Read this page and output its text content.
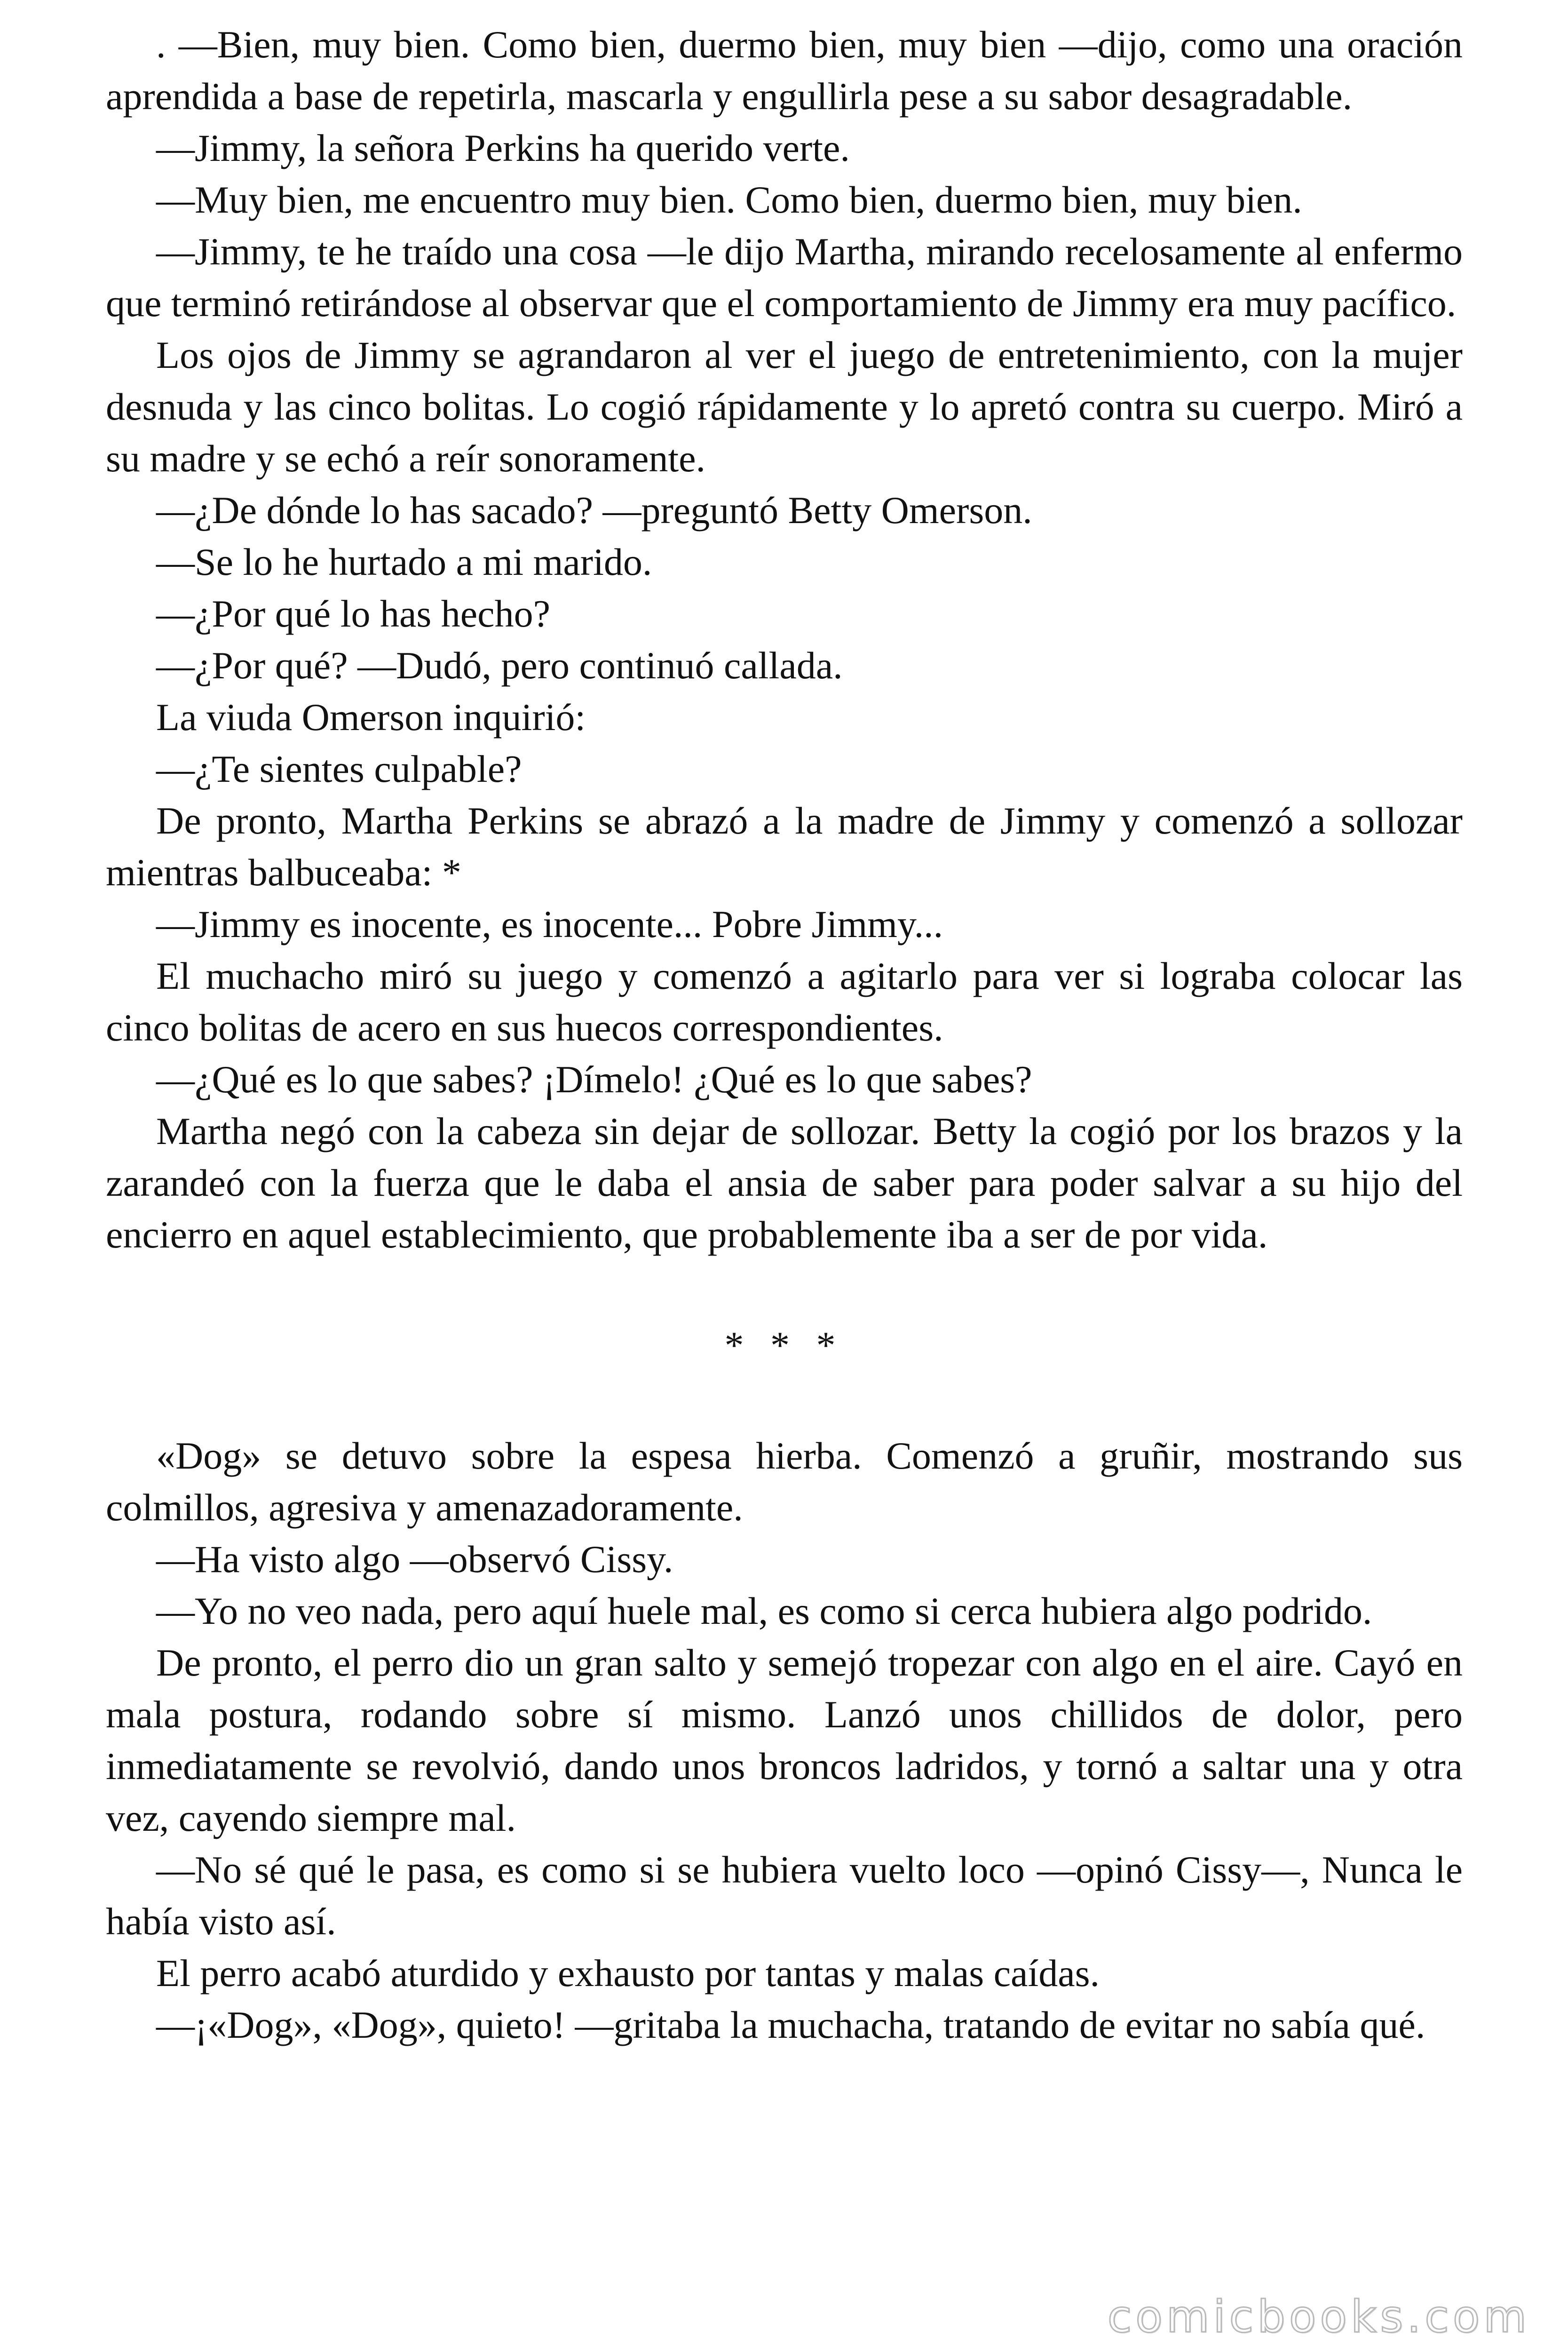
. —Bien, muy bien. Como bien, duermo bien, muy bien —dijo, como una oración aprendida a base de repetirla, mascarla y engullirla pese a su sabor desagradable.

—Jimmy, la señora Perkins ha querido verte.

—Muy bien, me encuentro muy bien. Como bien, duermo bien, muy bien.

—Jimmy, te he traído una cosa —le dijo Martha, mirando recelosamente al enfermo que terminó retirándose al observar que el comportamiento de Jimmy era muy pacífico.

Los ojos de Jimmy se agrandaron al ver el juego de entretenimiento, con la mujer desnuda y las cinco bolitas. Lo cogió rápidamente y lo apretó contra su cuerpo. Miró a su madre y se echó a reír sonoramente.

—¿De dónde lo has sacado? —preguntó Betty Omerson.

—Se lo he hurtado a mi marido.

—¿Por qué lo has hecho?

—¿Por qué? —Dudó, pero continuó callada.

La viuda Omerson inquirió:

—¿Te sientes culpable?

De pronto, Martha Perkins se abrazó a la madre de Jimmy y comenzó a sollozar mientras balbuceaba: *

—Jimmy es inocente, es inocente... Pobre Jimmy...

El muchacho miró su juego y comenzó a agitarlo para ver si lograba colocar las cinco bolitas de acero en sus huecos correspondientes.

—¿Qué es lo que sabes? ¡Dímelo! ¿Qué es lo que sabes?

Martha negó con la cabeza sin dejar de sollozar. Betty la cogió por los brazos y la zarandeó con la fuerza que le daba el ansia de saber para poder salvar a su hijo del encierro en aquel establecimiento, que probablemente iba a ser de por vida.

* * *

«Dog» se detuvo sobre la espesa hierba. Comenzó a gruñir, mostrando sus colmillos, agresiva y amenazadoramente.

—Ha visto algo —observó Cissy.

—Yo no veo nada, pero aquí huele mal, es como si cerca hubiera algo podrido.

De pronto, el perro dio un gran salto y semejó tropezar con algo en el aire. Cayó en mala postura, rodando sobre sí mismo. Lanzó unos chillidos de dolor, pero inmediatamente se revolvió, dando unos broncos ladridos, y tornó a saltar una y otra vez, cayendo siempre mal.

—No sé qué le pasa, es como si se hubiera vuelto loco —opinó Cissy—, Nunca le había visto así.

El perro acabó aturdido y exhausto por tantas y malas caídas.

—¡«Dog», «Dog», quieto! —gritaba la muchacha, tratando de evitar no sabía qué.

comicbooks.com
